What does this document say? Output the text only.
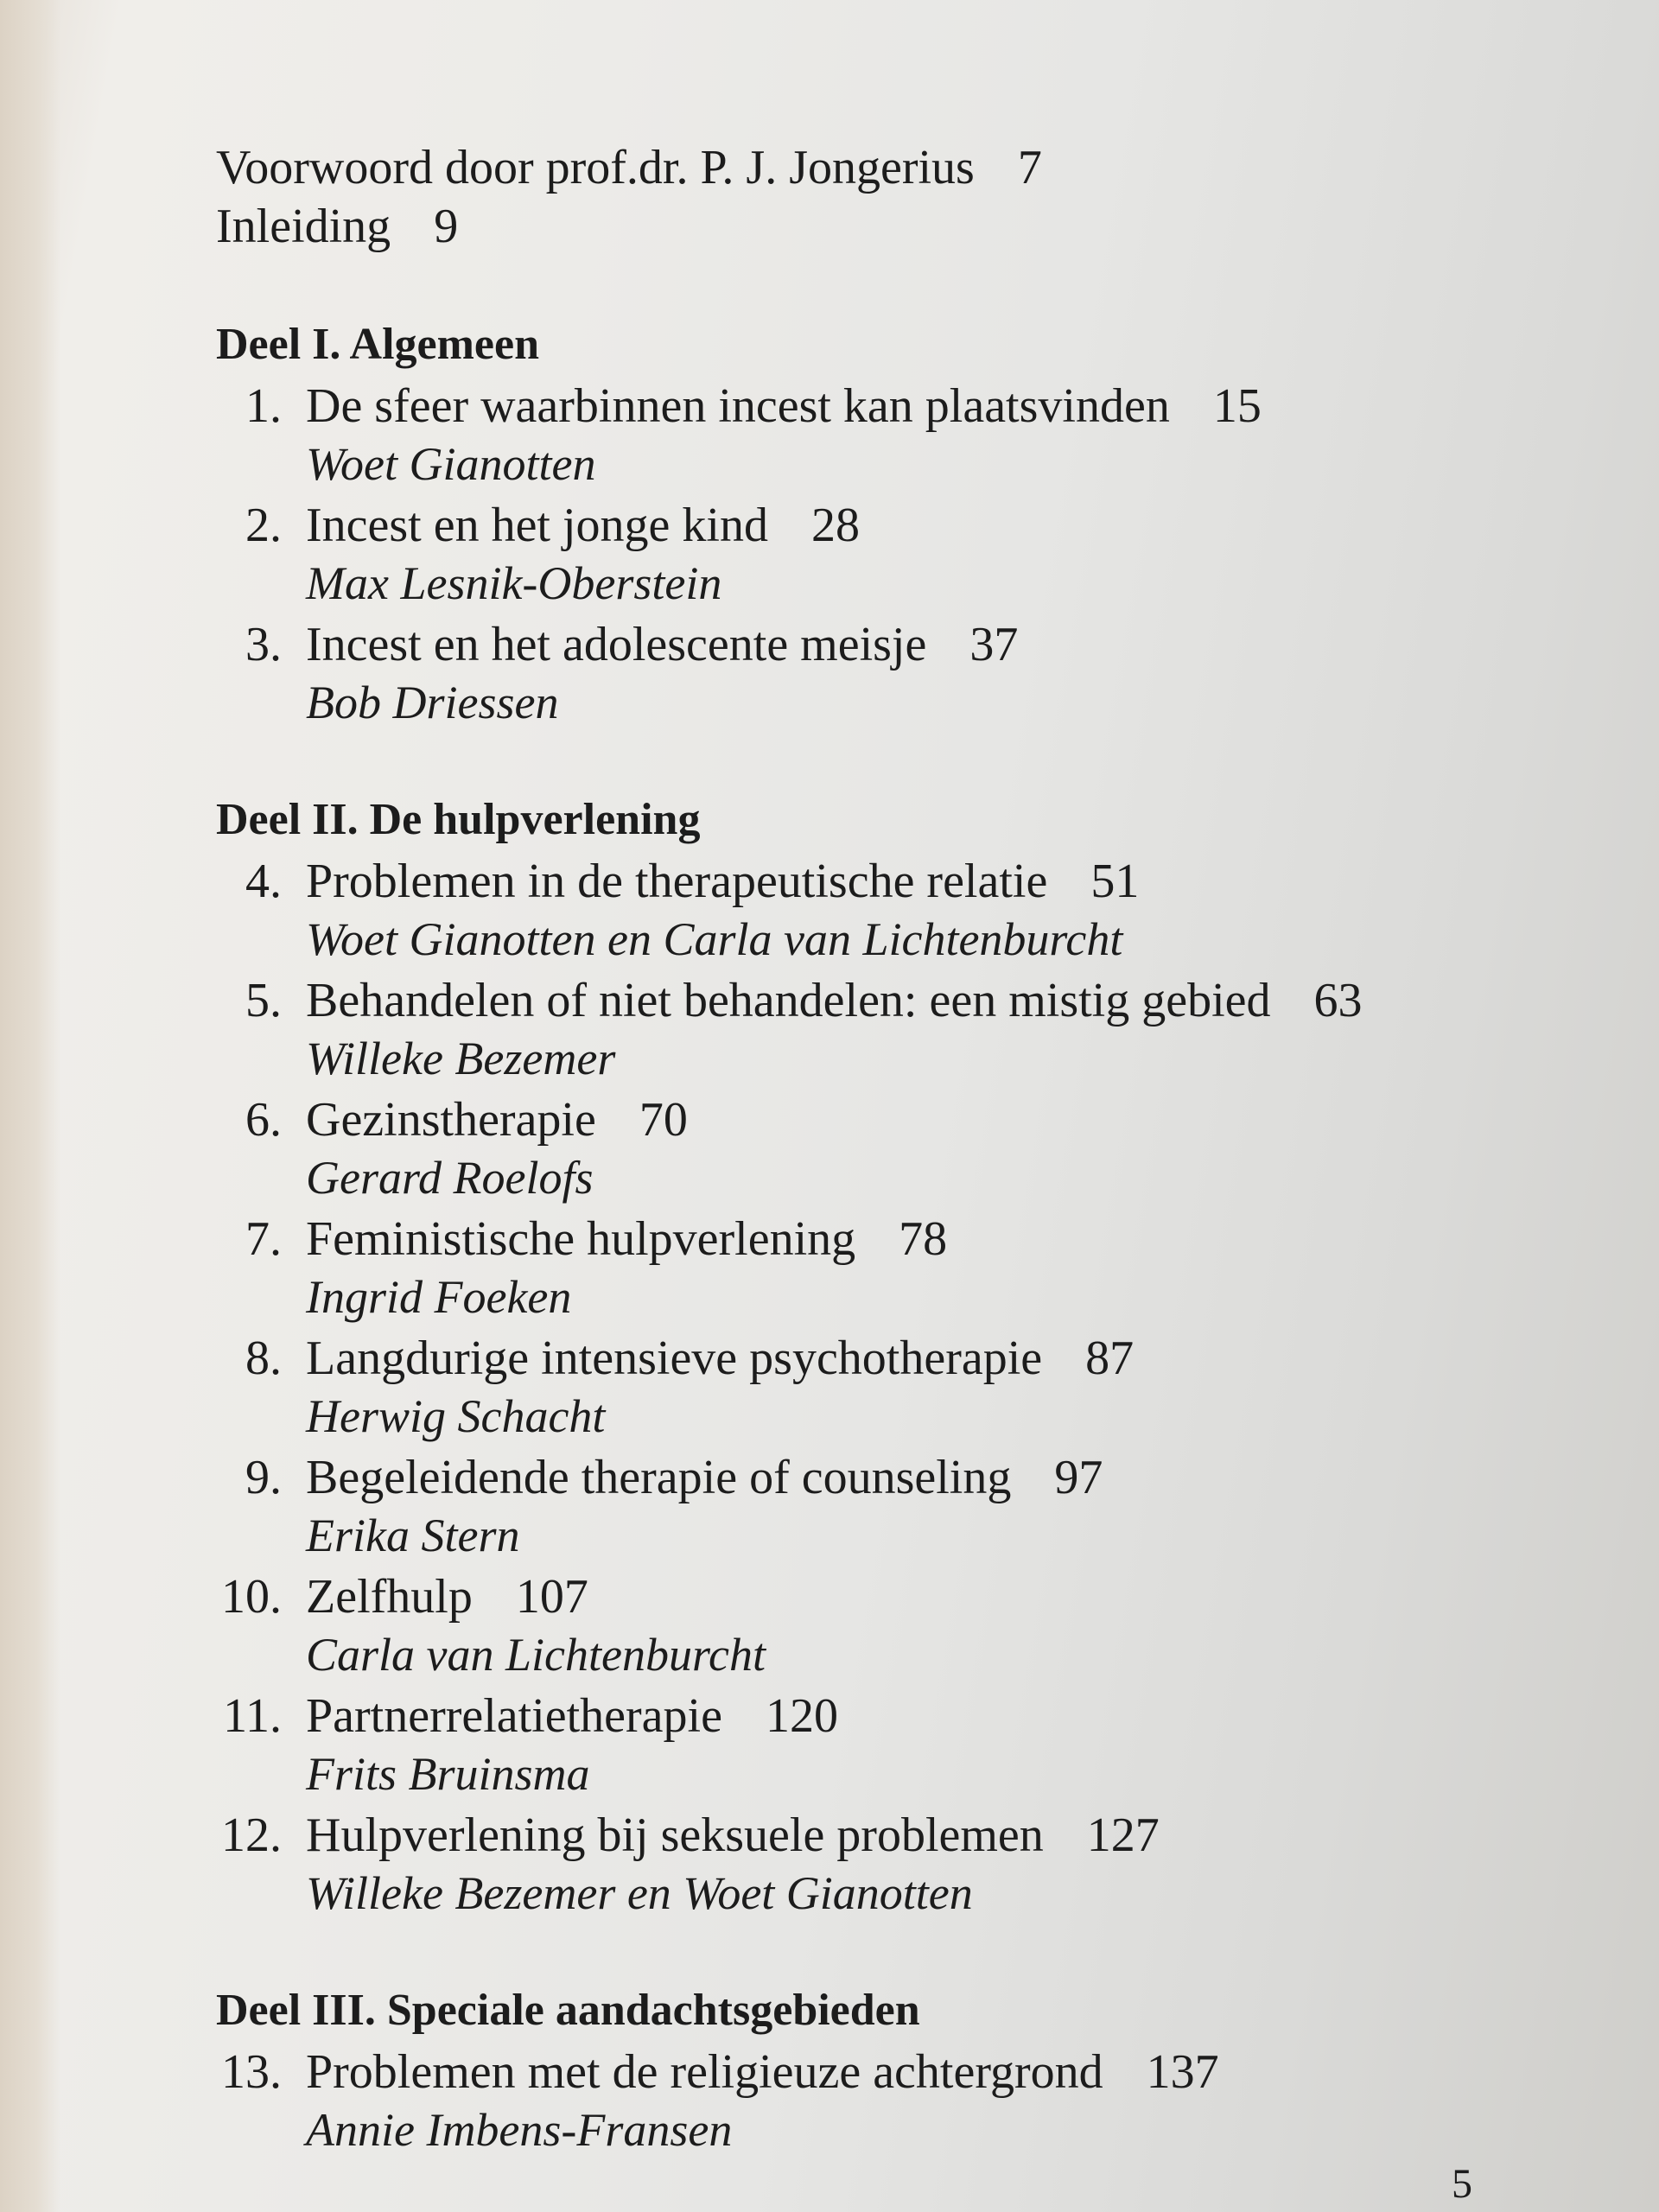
Voorwoord door prof.dr. P. J. Jongerius 7
Inleiding 9
Deel I. Algemeen
1. De sfeer waarbinnen incest kan plaatsvinden 15
Woet Gianotten
2. Incest en het jonge kind 28
Max Lesnik-Oberstein
3. Incest en het adolescente meisje 37
Bob Driessen
Deel II. De hulpverlening
4. Problemen in de therapeutische relatie 51
Woet Gianotten en Carla van Lichtenburcht
5. Behandelen of niet behandelen: een mistig gebied 63
Willeke Bezemer
6. Gezinstherapie 70
Gerard Roelofs
7. Feministische hulpverlening 78
Ingrid Foeken
8. Langdurige intensieve psychotherapie 87
Herwig Schacht
9. Begeleidende therapie of counseling 97
Erika Stern
10. Zelfhulp 107
Carla van Lichtenburcht
11. Partnerrelatietherapie 120
Frits Bruinsma
12. Hulpverlening bij seksuele problemen 127
Willeke Bezemer en Woet Gianotten
Deel III. Speciale aandachtsgebieden
13. Problemen met de religieuze achtergrond 137
Annie Imbens-Fransen
5
